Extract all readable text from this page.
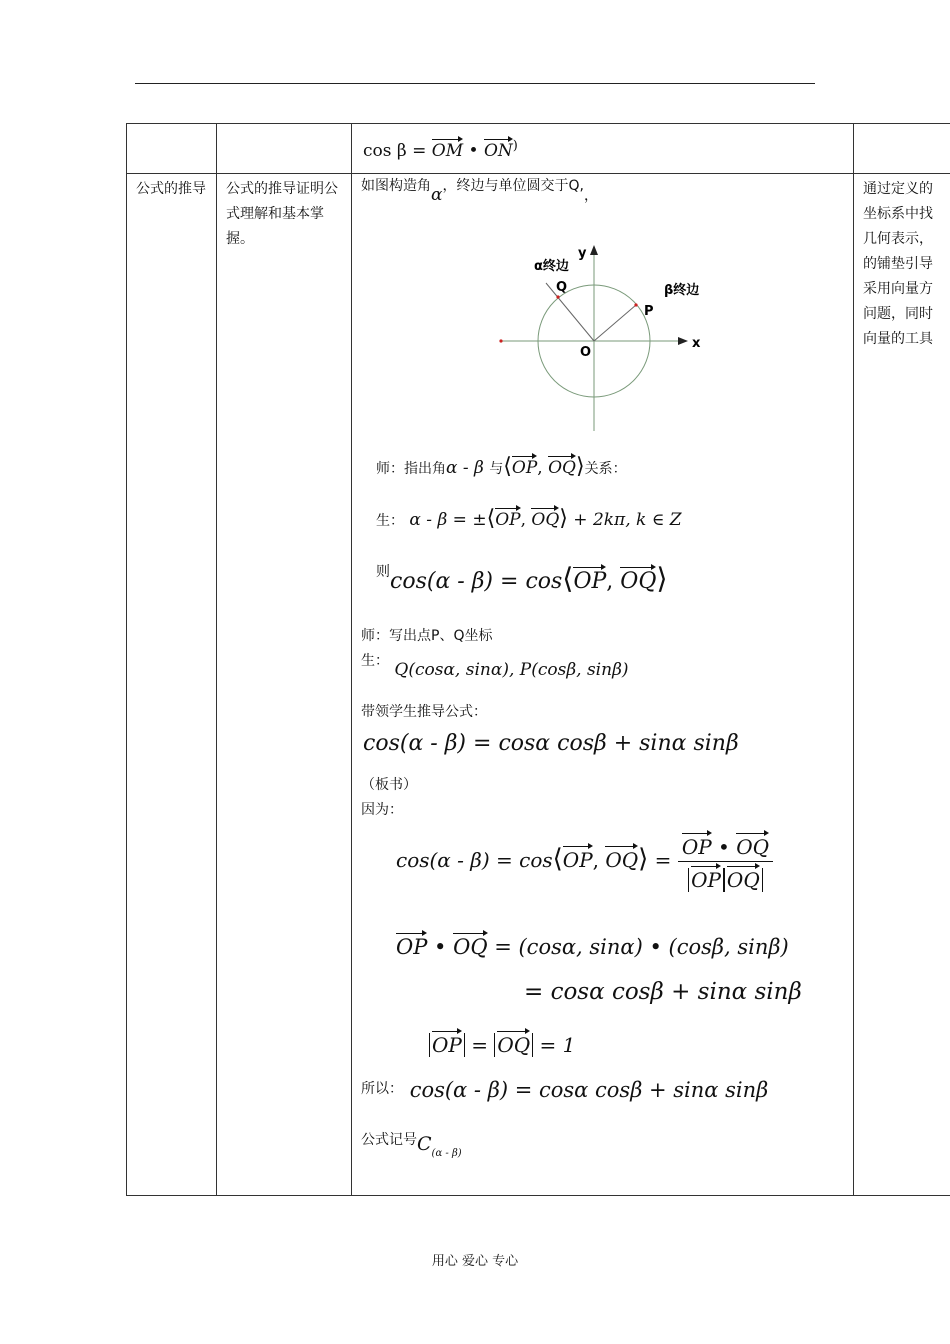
cos β = OM • ON)
公式的推导 公式的推导证明公式理解和基本掌握。
通过定义的
坐标系中找
几何表示，
的铺垫引导
采用向量方
问题，同时
向量的工具
如图构造角α，终边与单位圆交于Q,，
y
x
O
Q
P
α终边
β终边
师：指出角α - β 与⟨OP, OQ⟩关系：
生： α - β = ±⟨OP, OQ⟩ + 2kπ, k ∈ Z
$^则$cos(α - β) = cos⟨OP, OQ⟩
师：写出点P、Q坐标
生： Q(cosα, sinα), P(cosβ, sinβ)
带领学生推导公式：
cos(α - β) = cosα cosβ + sinα sinβ
（板书）
因为：
cos(α - β) = cos⟨OP, OQ⟩ = $\frac{OP • OQ}{\text{OP OQ}}$
OP • OQ = (cosα, sinα) • (cosβ, sinβ)
= cosα cosβ + sinα sinβ
OP = OQ = 1
$^{所以:}$ cos(α - β) = cosα cosβ + sinα sinβ
公式记号$C_{(\alpha - \beta)}$
用心 爱心 专心
